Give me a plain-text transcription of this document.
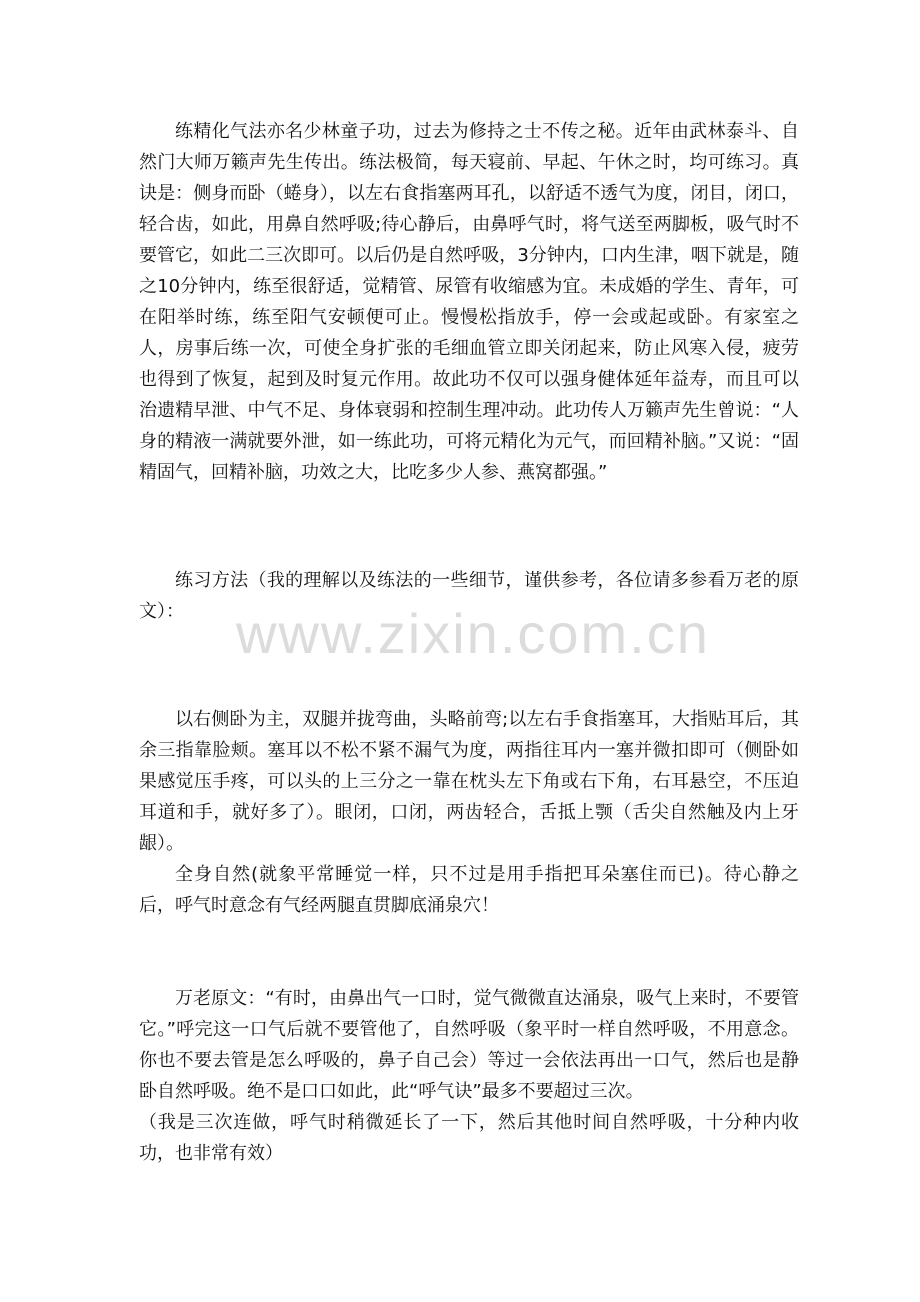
www.zixin.com.cn

练精化气法亦名少林童子功，过去为修持之士不传之秘。近年由武林泰斗、自然门大师万籁声先生传出。练法极简，每天寝前、早起、午休之时，均可练习。真诀是：侧身而卧（蜷身），以左右食指塞两耳孔，以舒适不透气为度，闭目，闭口，轻合齿，如此，用鼻自然呼吸;待心静后，由鼻呼气时，将气送至两脚板，吸气时不要管它，如此二三次即可。以后仍是自然呼吸，3分钟内，口内生津，咽下就是，随之10分钟内，练至很舒适，觉精管、尿管有收缩感为宜。未成婚的学生、青年，可在阳举时练，练至阳气安顿便可止。慢慢松指放手，停一会或起或卧。有家室之人，房事后练一次，可使全身扩张的毛细血管立即关闭起来，防止风寒入侵，疲劳也得到了恢复，起到及时复元作用。故此功不仅可以强身健体延年益寿，而且可以治遗精早泄、中气不足、身体衰弱和控制生理冲动。此功传人万籁声先生曾说：“人身的精液一满就要外泄，如一练此功，可将元精化为元气，而回精补脑。”又说：“固精固气，回精补脑，功效之大，比吃多少人参、燕窝都强。”

练习方法（我的理解以及练法的一些细节，谨供参考，各位请多参看万老的原文）：

以右侧卧为主，双腿并拢弯曲，头略前弯;以左右手食指塞耳，大指贴耳后，其余三指靠脸颊。塞耳以不松不紧不漏气为度，两指往耳内一塞并微扣即可（侧卧如果感觉压手疼，可以头的上三分之一靠在枕头左下角或右下角，右耳悬空，不压迫耳道和手，就好多了）。眼闭，口闭，两齿轻合，舌抵上颚（舌尖自然触及内上牙龈）。

全身自然(就象平常睡觉一样，只不过是用手指把耳朵塞住而已)。待心静之后，呼气时意念有气经两腿直贯脚底涌泉穴！

万老原文：“有时，由鼻出气一口时，觉气微微直达涌泉，吸气上来时，不要管它。”呼完这一口气后就不要管他了，自然呼吸（象平时一样自然呼吸，不用意念。你也不要去管是怎么呼吸的，鼻子自己会）等过一会依法再出一口气，然后也是静卧自然呼吸。绝不是口口如此，此“呼气诀”最多不要超过三次。

（我是三次连做，呼气时稍微延长了一下，然后其他时间自然呼吸，十分种内收功，也非常有效）
